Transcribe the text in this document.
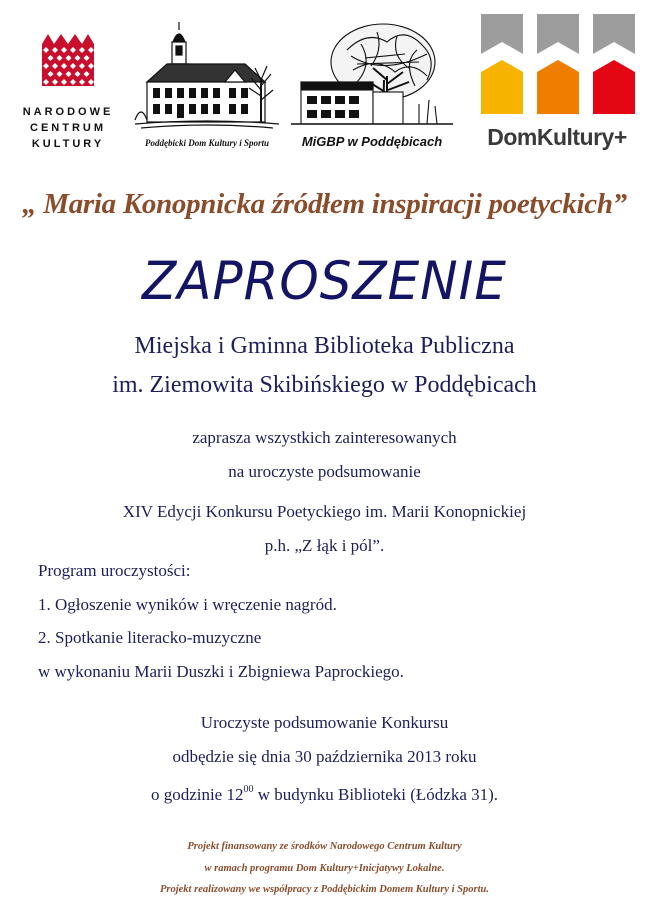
NARODOWE
CENTRUM
KULTURY	Poddębicki Dom Kultury i Sportu	MiGBP w Poddębicach	DomKultury+
„ Maria Konopnicka źródłem inspiracji poetyckich”
ZAPROSZENIE
Miejska i Gminna Biblioteka Publiczna
im. Ziemowita Skibińskiego w Poddębicach
zaprasza wszystkich zainteresowanych
na uroczyste podsumowanie
XIV Edycji Konkursu Poetyckiego im. Marii Konopnickiej
p.h. „Z łąk i pól”.
Program uroczystości:
1. Ogłoszenie wyników i wręczenie nagród.
2. Spotkanie literacko-muzyczne
w wykonaniu Marii Duszki i Zbigniewa Paprockiego.
Uroczyste podsumowanie Konkursu
odbędzie się dnia 30 października 2013 roku
o godzinie $12^{00}$ w budynku Biblioteki (Łódzka 31).
Projekt finansowany ze środków Narodowego Centrum Kultury
w ramach programu Dom Kultury+Inicjatywy Lokalne.
Projekt realizowany we współpracy z Poddębickim Domem Kultury i Sportu.
